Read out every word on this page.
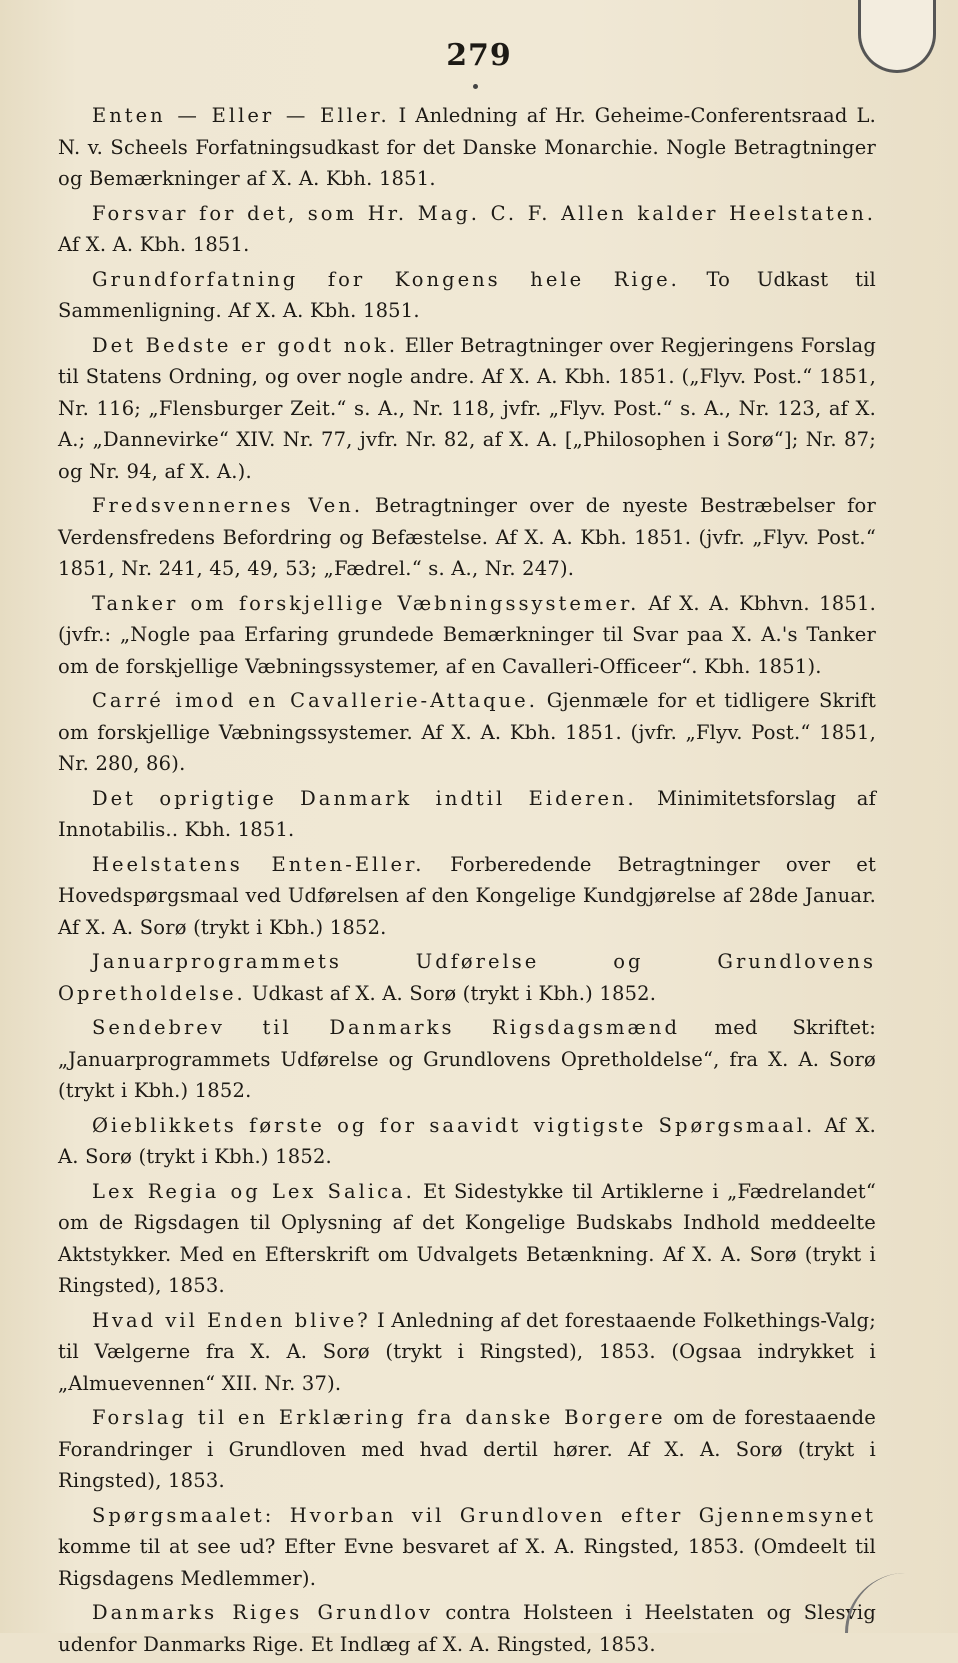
279

Enten — Eller — Eller. I Anledning af Hr. Geheime-Conferentsraad L. N. v. Scheels Forfatningsudkast for det Danske Monarchie. Nogle Betragtninger og Bemærkninger af X. A. Kbh. 1851.

Forsvar for det, som Hr. Mag. C. F. Allen kalder Heelstaten. Af X. A. Kbh. 1851.

Grundforfatning for Kongens hele Rige. To Udkast til Sammenligning. Af X. A. Kbh. 1851.

Det Bedste er godt nok. Eller Betragtninger over Regjeringens Forslag til Statens Ordning, og over nogle andre. Af X. A. Kbh. 1851. („Flyv. Post.“ 1851, Nr. 116; „Flensburger Zeit.“ s. A., Nr. 118, jvfr. „Flyv. Post.“ s. A., Nr. 123, af X. A.; „Dannevirke“ XIV. Nr. 77, jvfr. Nr. 82, af X. A. [„Philosophen i Sorø“]; Nr. 87; og Nr. 94, af X. A.).

Fredsvennernes Ven. Betragtninger over de nyeste Bestræbelser for Verdensfredens Befordring og Befæstelse. Af X. A. Kbh. 1851. (jvfr. „Flyv. Post.“ 1851, Nr. 241, 45, 49, 53; „Fædrel.“ s. A., Nr. 247).

Tanker om forskjellige Væbningssystemer. Af X. A. Kbhvn. 1851. (jvfr.: „Nogle paa Erfaring grundede Bemærkninger til Svar paa X. A.'s Tanker om de forskjellige Væbningssystemer, af en Cavalleri-Officeer“. Kbh. 1851).

Carré imod en Cavallerie-Attaque. Gjenmæle for et tidligere Skrift om forskjellige Væbningssystemer. Af X. A. Kbh. 1851. (jvfr. „Flyv. Post.“ 1851, Nr. 280, 86).

Det oprigtige Danmark indtil Eideren. Minimitetsforslag af Innotabilis.. Kbh. 1851.

Heelstatens Enten-Eller. Forberedende Betragtninger over et Hovedspørgsmaal ved Udførelsen af den Kongelige Kundgjørelse af 28de Januar. Af X. A. Sorø (trykt i Kbh.) 1852.

Januarprogrammets Udførelse og Grundlovens Opretholdelse. Udkast af X. A. Sorø (trykt i Kbh.) 1852.

Sendebrev til Danmarks Rigsdagsmænd med Skriftet: „Januarprogrammets Udførelse og Grundlovens Opretholdelse“, fra X. A. Sorø (trykt i Kbh.) 1852.

Øieblikkets første og for saavidt vigtigste Spørgsmaal. Af X. A. Sorø (trykt i Kbh.) 1852.

Lex Regia og Lex Salica. Et Sidestykke til Artiklerne i „Fædrelandet“ om de Rigsdagen til Oplysning af det Kongelige Budskabs Indhold meddeelte Aktstykker. Med en Efterskrift om Udvalgets Betænkning. Af X. A. Sorø (trykt i Ringsted), 1853.

Hvad vil Enden blive? I Anledning af det forestaaende Folkethings-Valg; til Vælgerne fra X. A. Sorø (trykt i Ringsted), 1853. (Ogsaa indrykket i „Almuevennen“ XII. Nr. 37).

Forslag til en Erklæring fra danske Borgere om de forestaaende Forandringer i Grundloven med hvad dertil hører. Af X. A. Sorø (trykt i Ringsted), 1853.

Spørgsmaalet: Hvorban vil Grundloven efter Gjennemsynet komme til at see ud? Efter Evne besvaret af X. A. Ringsted, 1853. (Omdeelt til Rigsdagens Medlemmer).

Danmarks Riges Grundlov contra Holsteen i Heelstaten og Slesvig udenfor Danmarks Rige. Et Indlæg af X. A. Ringsted, 1853.
